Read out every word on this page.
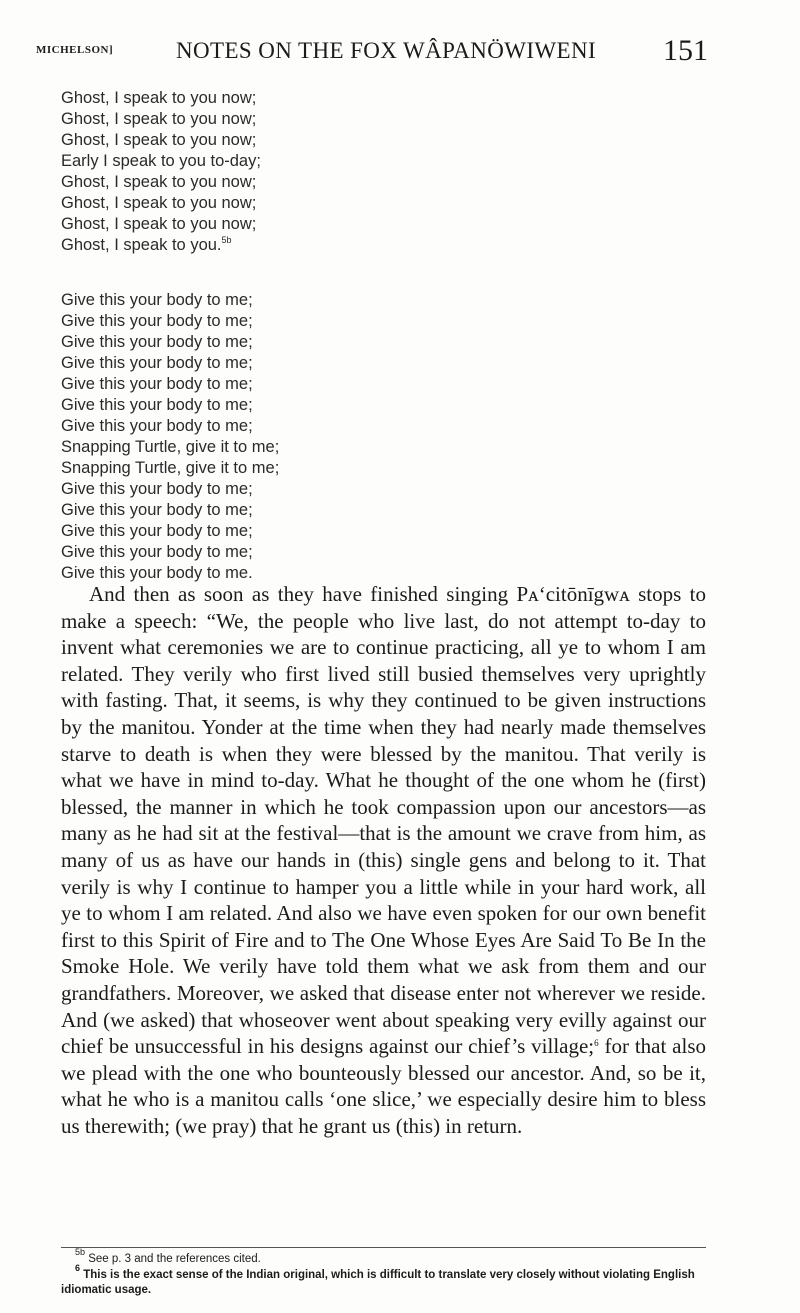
MICHELSON]	NOTES ON THE FOX WÂPANÖWIWENI 151
Ghost, I speak to you now;
Ghost, I speak to you now;
Ghost, I speak to you now;
Early I speak to you to-day;
Ghost, I speak to you now;
Ghost, I speak to you now;
Ghost, I speak to you now;
Ghost, I speak to you.$^{5b}$
Give this your body to me;
Give this your body to me;
Give this your body to me;
Give this your body to me;
Give this your body to me;
Give this your body to me;
Give this your body to me;
Snapping Turtle, give it to me;
Snapping Turtle, give it to me;
Give this your body to me;
Give this your body to me;
Give this your body to me;
Give this your body to me;
Give this your body to me.

And then as soon as they have finished singing Pᴀ‘citōnīgwᴀ stops to make a speech: “We, the people who live last, do not attempt to-day to invent what ceremonies we are to continue practicing, all ye to whom I am related. They verily who first lived still busied themselves very uprightly with fasting. That, it seems, is why they continued to be given instructions by the manitou. Yonder at the time when they had nearly made themselves starve to death is when they were blessed by the manitou. That verily is what we have in mind to-day. What he thought of the one whom he (first) blessed, the manner in which he took compassion upon our ancestors—as many as he had sit at the festival—that is the amount we crave from him, as many of us as have our hands in (this) single gens and belong to it. That verily is why I continue to hamper you a little while in your hard work, all ye to whom I am related. And also we have even spoken for our own benefit first to this Spirit of Fire and to The One Whose Eyes Are Said To Be In the Smoke Hole. We verily have told them what we ask from them and our grandfathers. Moreover, we asked that disease enter not wherever we reside. And (we asked) that whoseover went about speaking very evilly against our chief be unsuccessful in his designs against our chief’s village;$^6$ for that also we plead with the one who bounteously blessed our ancestor. And, so be it, what he who is a manitou calls ‘one slice,’ we especially desire him to bless us therewith; (we pray) that he grant us (this) in return.

$^{5b}$ See p. 3 and the references cited.
$^6$ This is the exact sense of the Indian original, which is difficult to translate very closely without violating English idiomatic usage.
